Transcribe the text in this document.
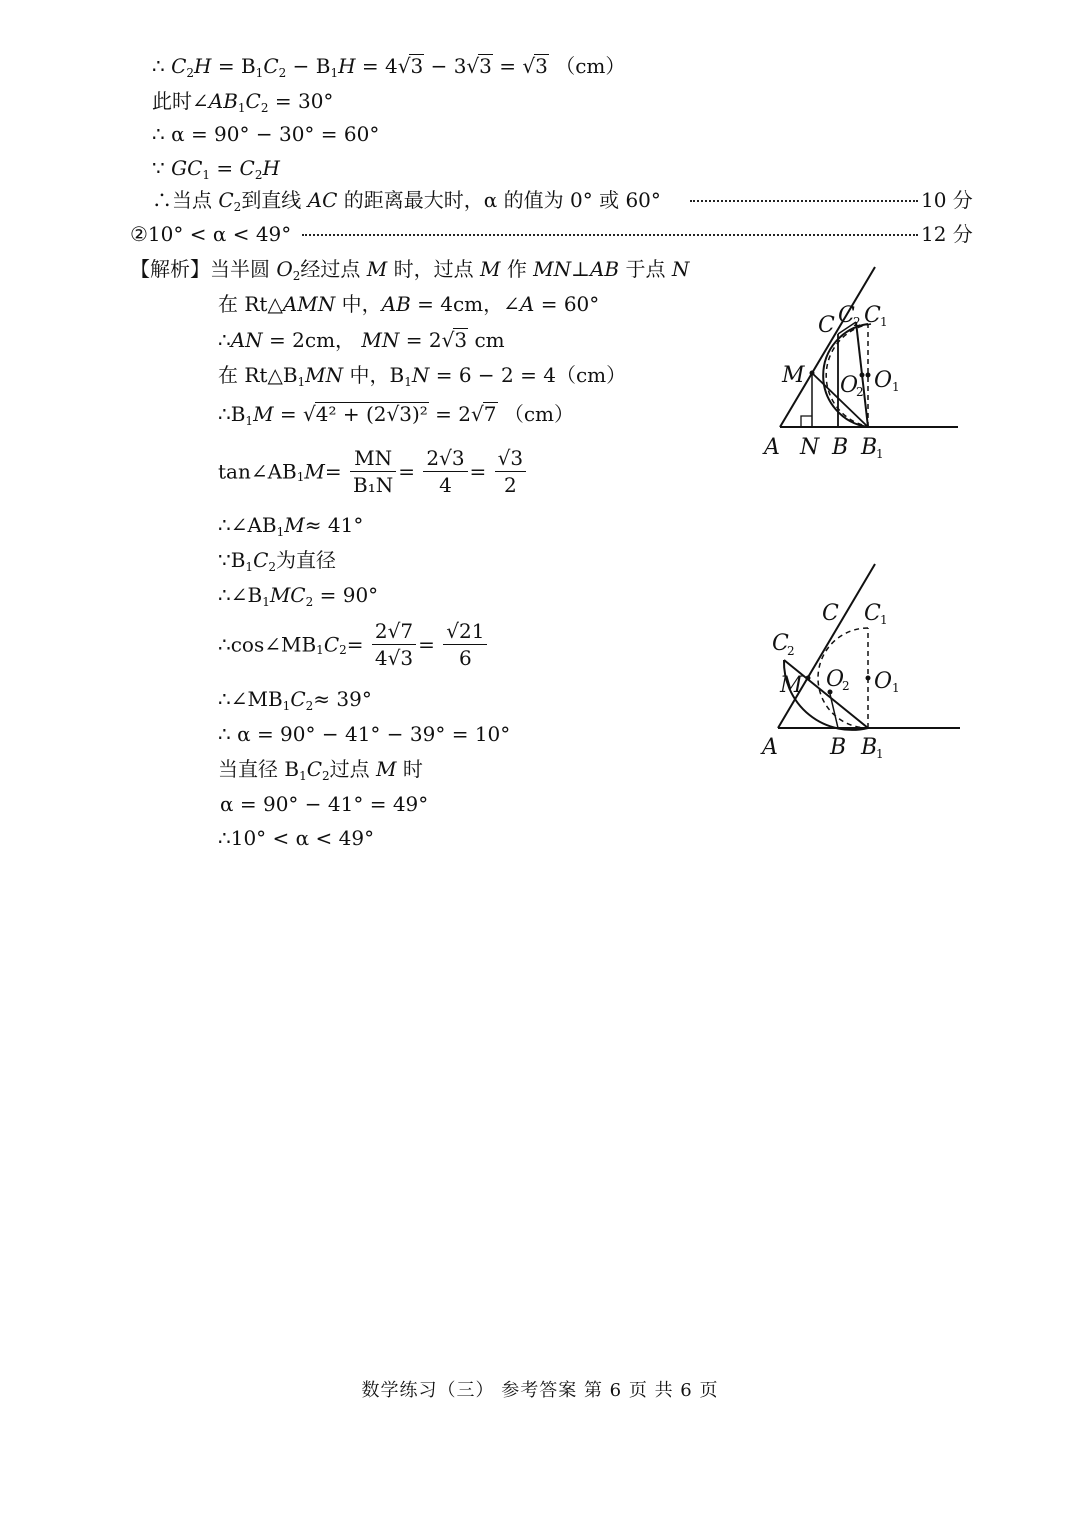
∴ $C_2H = B_1C_2 - B_1H = 4√3 - 3√3 = √3$ （cm）
此时$\angle AB_1C_2 = 30^\circ$
∴ α = 90° − 30° = 60°
∵ $GC_1 = C_2H$
∴当点 $C_2$到直线 AC 的距离最大时，α 的值为 0° 或 60°	10 分
②10° < α < 49°	12 分
【解析】当半圆 $O_2$经过点 M 时，过点 M 作 MN⊥AB 于点 N
在 Rt△AMN 中，AB = 4cm，∠A = 60°
∴AN = 2cm， MN = 2√3 cm
在 $Rt\triangle B_1MN$ 中，$B_1N = 6 - 2 = 4(cm)$
$\therefore B_1M = √4^2 + (2√3)^2 = 2√7$ （cm）
$\tan\angle AB_1M= \frac{MN}{\text{B₁N}} = \frac{2√3}{4} = \frac{√3}{2}$
$\therefore\angle AB_1M\approx 41^\circ$
$\because B_1C_2$为直径
$\therefore\angle B_1MC_2 = 90^\circ$
$\therefore\cos\angle MB_1C_2= \frac{2√7}{4√3} = \frac{√21}{6}$
$\therefore\angle MB_1C_2\approx 39^\circ$
∴ α = 90° − 41° − 39° = 10°
当直径 $B_1C_2$过点 M 时
α = 90° − 41° = 49°
∴10° < α < 49°
A N B B
1
M
C C
2 C 1
O
2 O 1
A B B
1
M
C
C
2
C 1
O
2 O 1
数学练习（三） 参考答案 第 6 页 共 6 页
